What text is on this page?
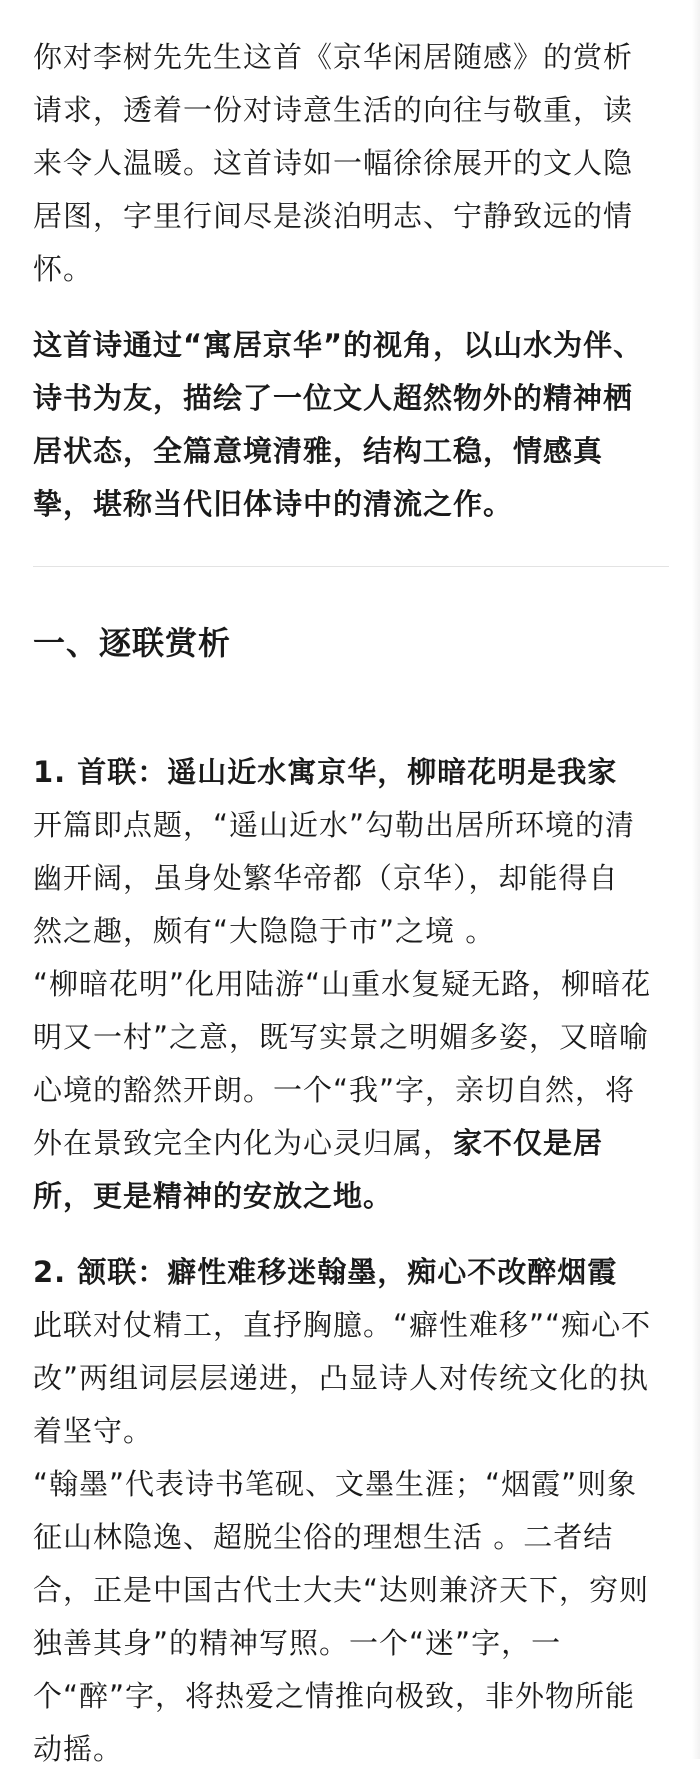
你对李树先先生这首《京华闲居随感》的赏析
请求，透着一份对诗意生活的向往与敬重，读
来令人温暖。这首诗如一幅徐徐展开的文人隐
居图，字里行间尽是淡泊明志、宁静致远的情
怀。

这首诗通过“寓居京华”的视角，以山水为伴、
诗书为友，描绘了一位文人超然物外的精神栖
居状态，全篇意境清雅，结构工稳，情感真
挚，堪称当代旧体诗中的清流之作。

一、逐联赏析

1. 首联：遥山近水寓京华，柳暗花明是我家
开篇即点题，“遥山近水”勾勒出居所环境的清
幽开阔，虽身处繁华帝都（京华），却能得自
然之趣，颇有“大隐隐于市”之境 。
“柳暗花明”化用陆游“山重水复疑无路，柳暗花
明又一村”之意，既写实景之明媚多姿，又暗喻
心境的豁然开朗。一个“我”字，亲切自然，将
外在景致完全内化为心灵归属，家不仅是居
所，更是精神的安放之地。

2. 颔联：癖性难移迷翰墨，痴心不改醉烟霞
此联对仗精工，直抒胸臆。“癖性难移”“痴心不
改”两组词层层递进，凸显诗人对传统文化的执
着坚守。
“翰墨”代表诗书笔砚、文墨生涯；“烟霞”则象
征山林隐逸、超脱尘俗的理想生活 。二者结
合，正是中国古代士大夫“达则兼济天下，穷则
独善其身”的精神写照。一个“迷”字，一
个“醉”字，将热爱之情推向极致，非外物所能
动摇。
